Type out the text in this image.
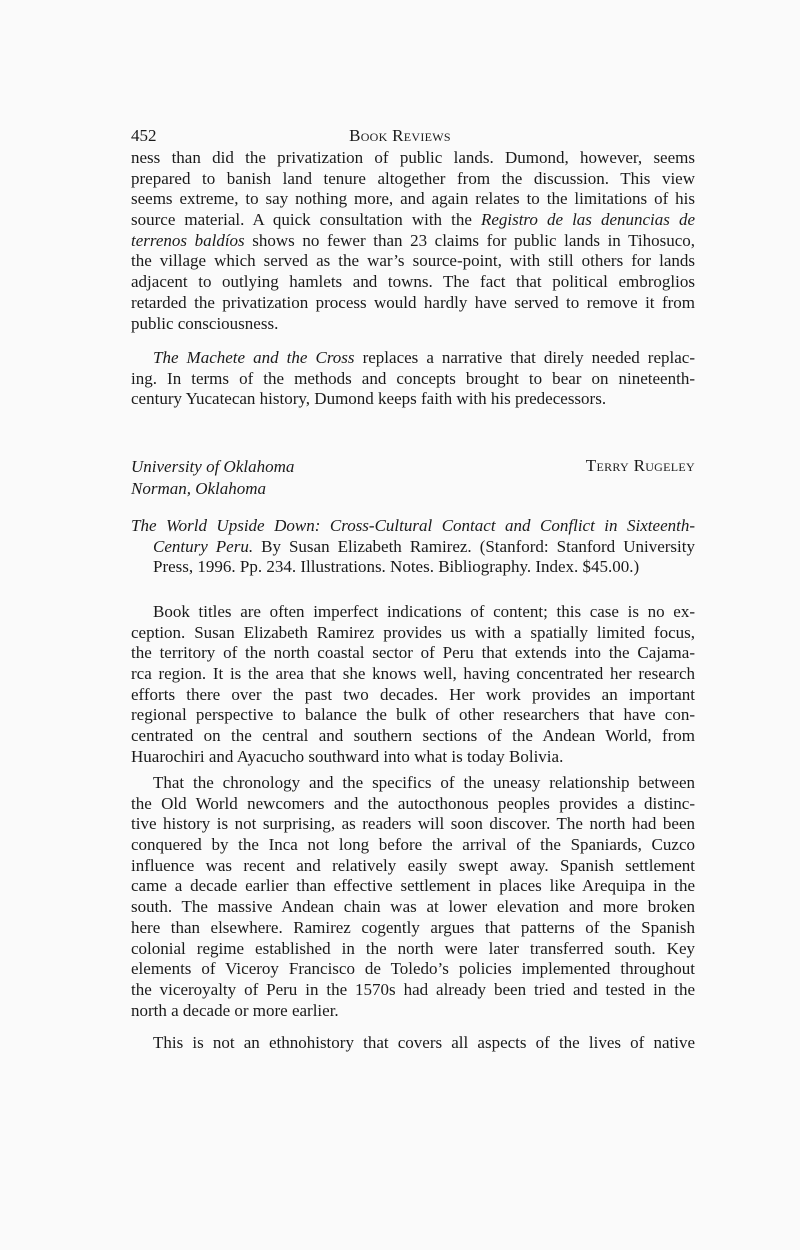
452	Book Reviews
ness than did the privatization of public lands. Dumond, however, seems
prepared to banish land tenure altogether from the discussion. This view
seems extreme, to say nothing more, and again relates to the limitations of his
source material. A quick consultation with the Registro de las denuncias de
terrenos baldíos shows no fewer than 23 claims for public lands in Tihosuco,
the village which served as the war’s source-point, with still others for lands
adjacent to outlying hamlets and towns. The fact that political embroglios
retarded the privatization process would hardly have served to remove it from
public consciousness.
The Machete and the Cross replaces a narrative that direly needed replac-
ing. In terms of the methods and concepts brought to bear on nineteenth-
century Yucatecan history, Dumond keeps faith with his predecessors.
University of Oklahoma
Norman, Oklahoma
Terry Rugeley
The World Upside Down: Cross-Cultural Contact and Conflict in Sixteenth-
Century Peru. By Susan Elizabeth Ramirez. (Stanford: Stanford University
Press, 1996. Pp. 234. Illustrations. Notes. Bibliography. Index. $45.00.)
Book titles are often imperfect indications of content; this case is no ex-
ception. Susan Elizabeth Ramirez provides us with a spatially limited focus,
the territory of the north coastal sector of Peru that extends into the Cajama-
rca region. It is the area that she knows well, having concentrated her research
efforts there over the past two decades. Her work provides an important
regional perspective to balance the bulk of other researchers that have con-
centrated on the central and southern sections of the Andean World, from
Huarochiri and Ayacucho southward into what is today Bolivia.
That the chronology and the specifics of the uneasy relationship between
the Old World newcomers and the autocthonous peoples provides a distinc-
tive history is not surprising, as readers will soon discover. The north had been
conquered by the Inca not long before the arrival of the Spaniards, Cuzco
influence was recent and relatively easily swept away. Spanish settlement
came a decade earlier than effective settlement in places like Arequipa in the
south. The massive Andean chain was at lower elevation and more broken
here than elsewhere. Ramirez cogently argues that patterns of the Spanish
colonial regime established in the north were later transferred south. Key
elements of Viceroy Francisco de Toledo’s policies implemented throughout
the viceroyalty of Peru in the 1570s had already been tried and tested in the
north a decade or more earlier.
This is not an ethnohistory that covers all aspects of the lives of native
